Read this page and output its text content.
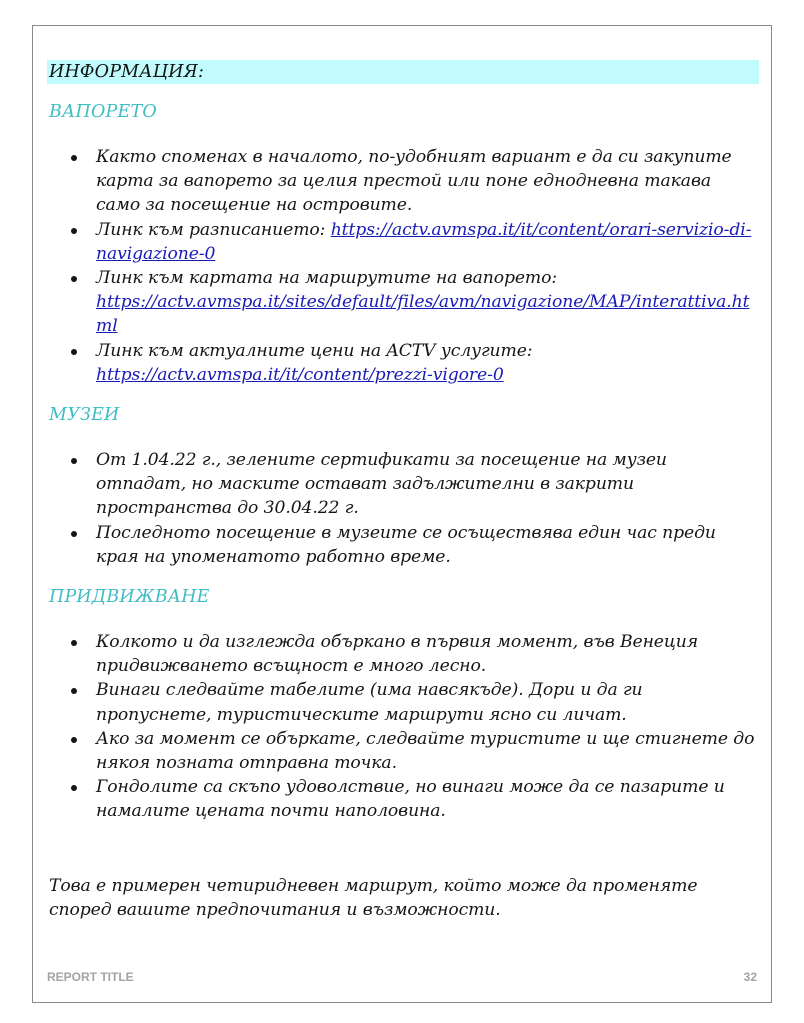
ИНФОРМАЦИЯ:
ВАПОРЕТО
Както споменах в началото, по-удобният вариант е да си закупите карта за вапорето за целия престой или поне еднодневна такава само за посещение на островите.
Линк към разписанието: https://actv.avmspa.it/it/content/orari-servizio-di-navigazione-0
Линк към картата на маршрутите на вапорето:
https://actv.avmspa.it/sites/default/files/avm/navigazione/MAP/interattiva.html
Линк към актуалните цени на ACTV услугите:
https://actv.avmspa.it/it/content/prezzi-vigore-0
МУЗЕИ
От 1.04.22 г., зелените сертификати за посещение на музеи отпадат, но маските остават задължителни в закрити пространства до 30.04.22 г.
Последното посещение в музеите се осъществява един час преди края на упоменатото работно време.
ПРИДВИЖВАНЕ
Колкото и да изглежда объркано в първия момент, във Венеция придвижването всъщност е много лесно.
Винаги следвайте табелите (има навсякъде). Дори и да ги пропуснете, туристическите маршрути ясно си личат.
Ако за момент се объркате, следвайте туристите и ще стигнете до някоя позната отправна точка.
Гондолите са скъпо удоволствие, но винаги може да се пазарите и намалите цената почти наполовина.
Това е примерен четиридневен маршрут, който може да променяте според вашите предпочитания и възможности.
REPORT TITLE	32
